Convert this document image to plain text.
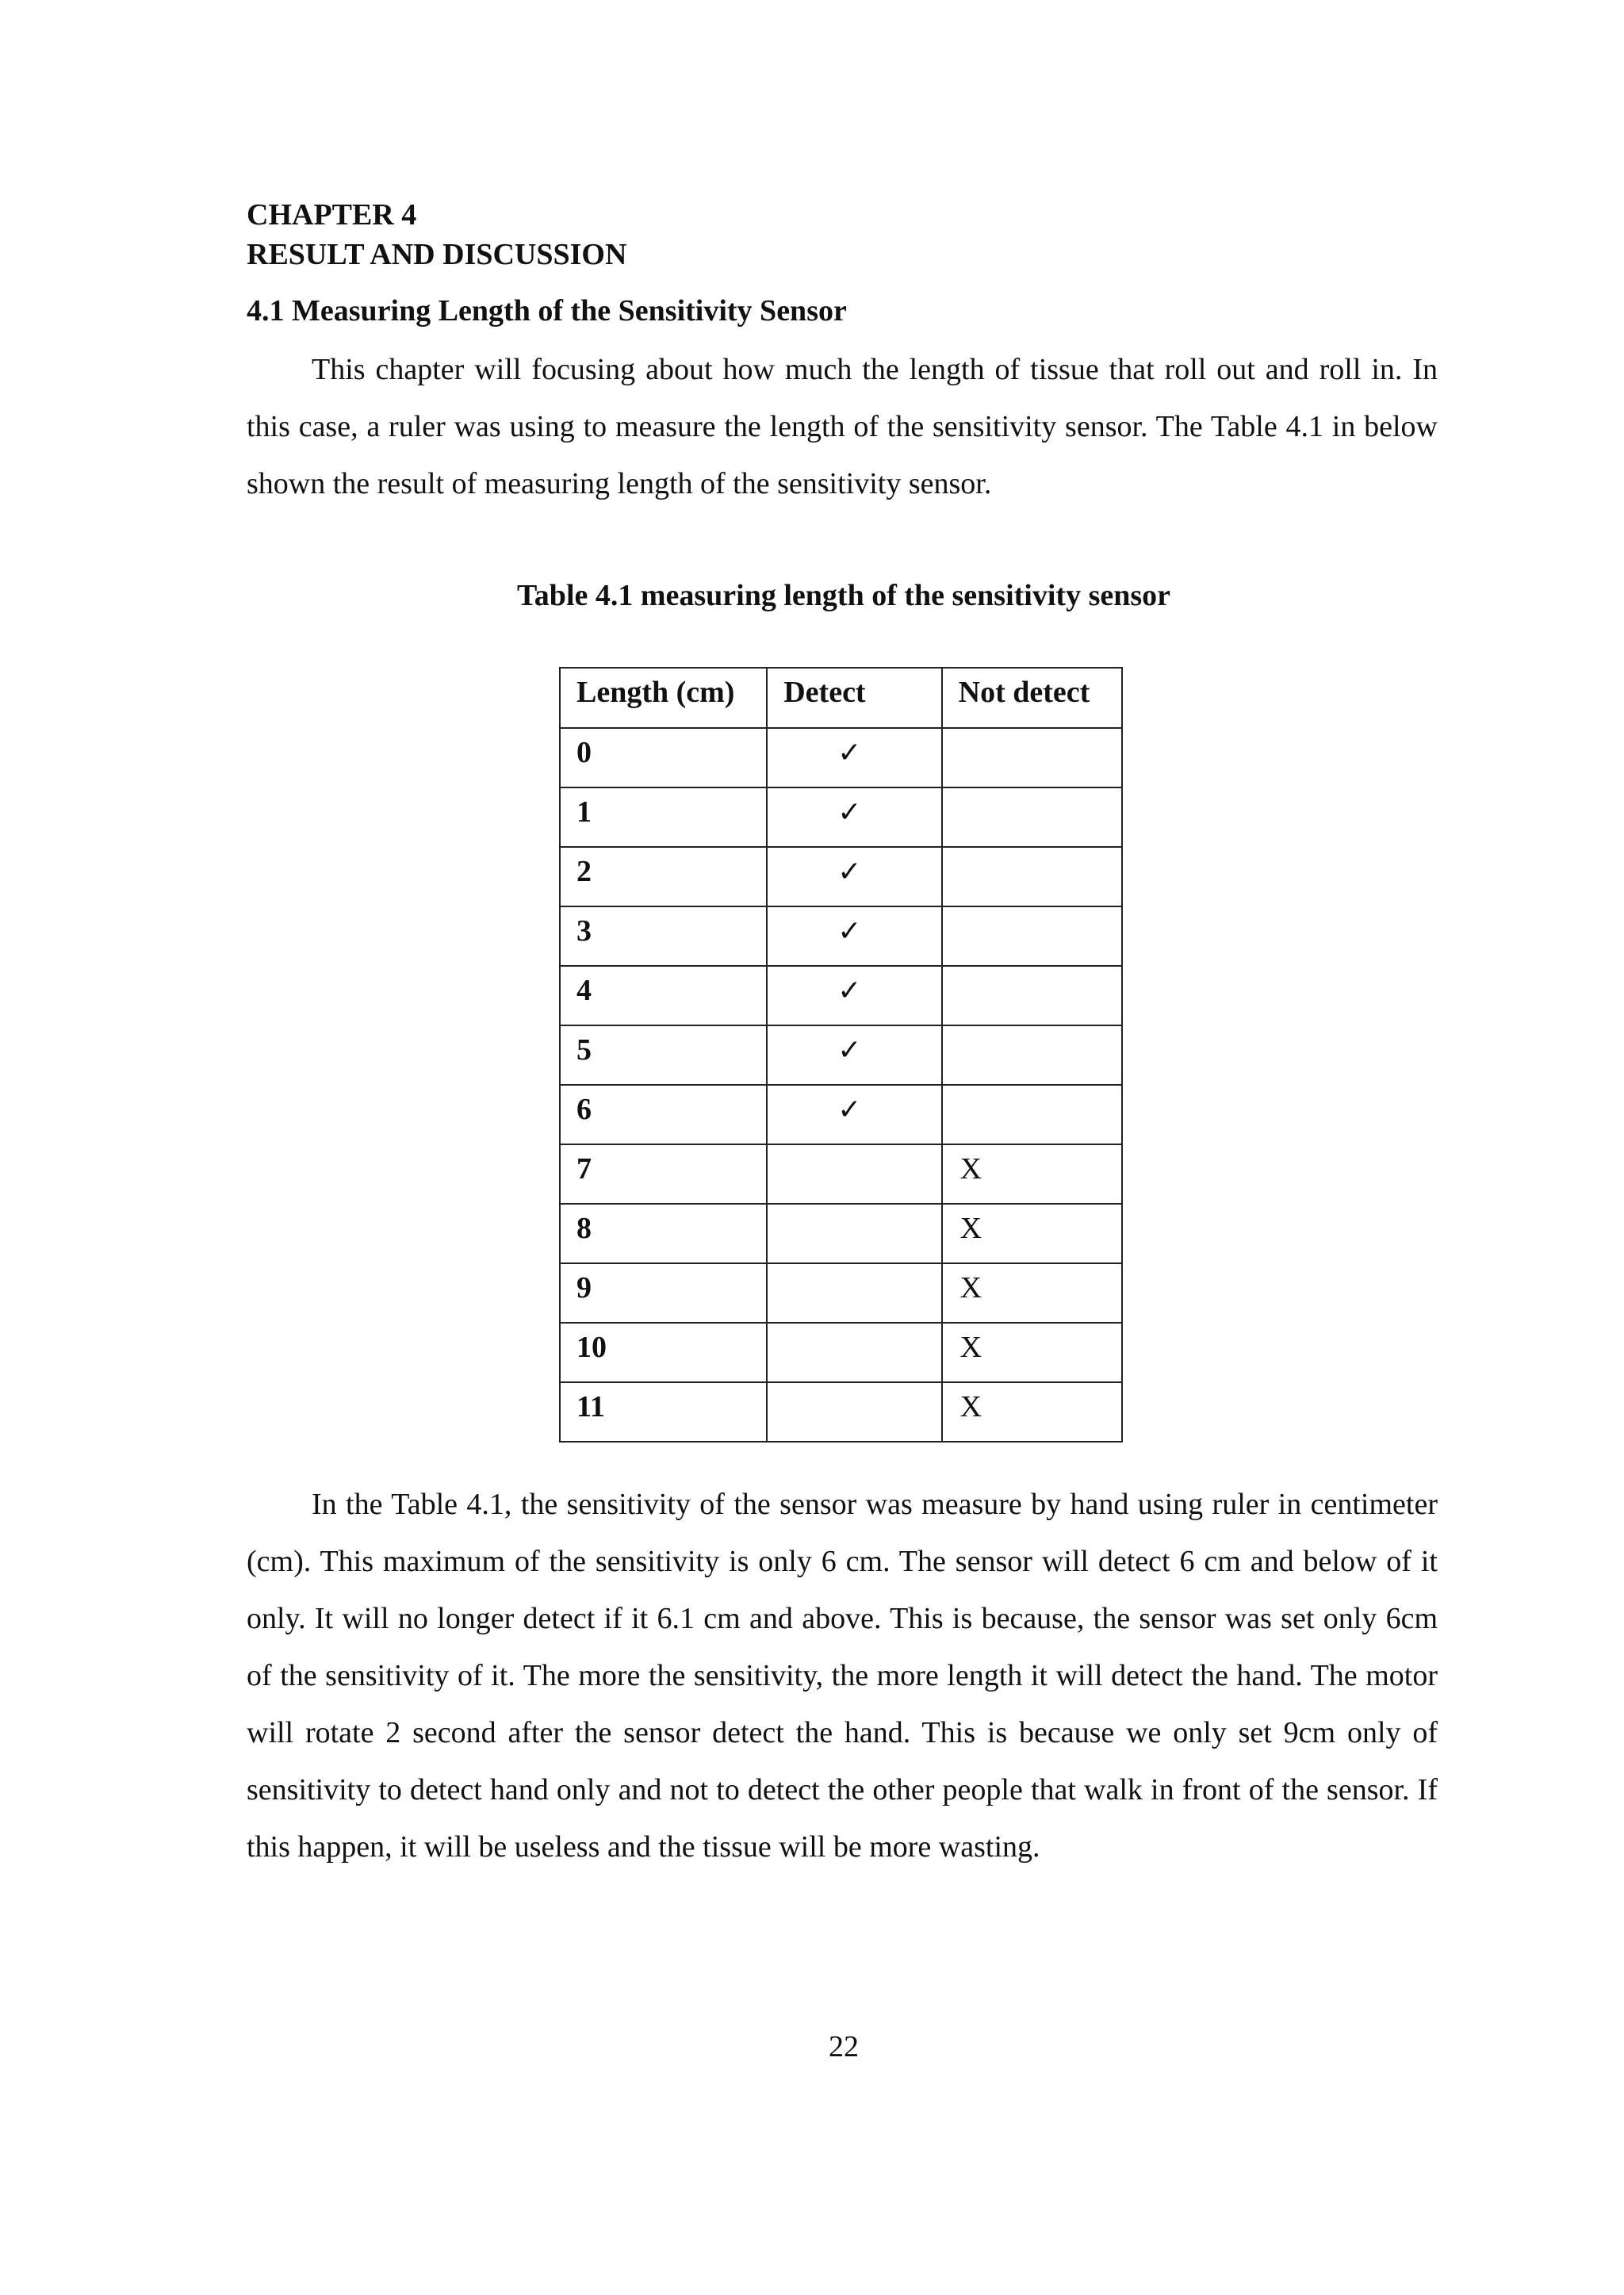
CHAPTER 4
RESULT AND DISCUSSION
4.1 Measuring Length of the Sensitivity Sensor

This chapter will focusing about how much the length of tissue that roll out and roll in. In this case, a ruler was using to measure the length of the sensitivity sensor. The Table 4.1 in below shown the result of measuring length of the sensitivity sensor.

Table 4.1 measuring length of the sensitivity sensor
Length (cm)	Detect	Not detect
0	✓	
1	✓	
2	✓	
3	✓	
4	✓	
5	✓	
6	✓	
7		X
8		X
9		X
10		X
11		X

In the Table 4.1, the sensitivity of the sensor was measure by hand using ruler in centimeter (cm). This maximum of the sensitivity is only 6 cm. The sensor will detect 6 cm and below of it only. It will no longer detect if it 6.1 cm and above. This is because, the sensor was set only 6cm of the sensitivity of it. The more the sensitivity, the more length it will detect the hand. The motor will rotate 2 second after the sensor detect the hand. This is because we only set 9cm only of sensitivity to detect hand only and not to detect the other people that walk in front of the sensor. If this happen, it will be useless and the tissue will be more wasting.

22
